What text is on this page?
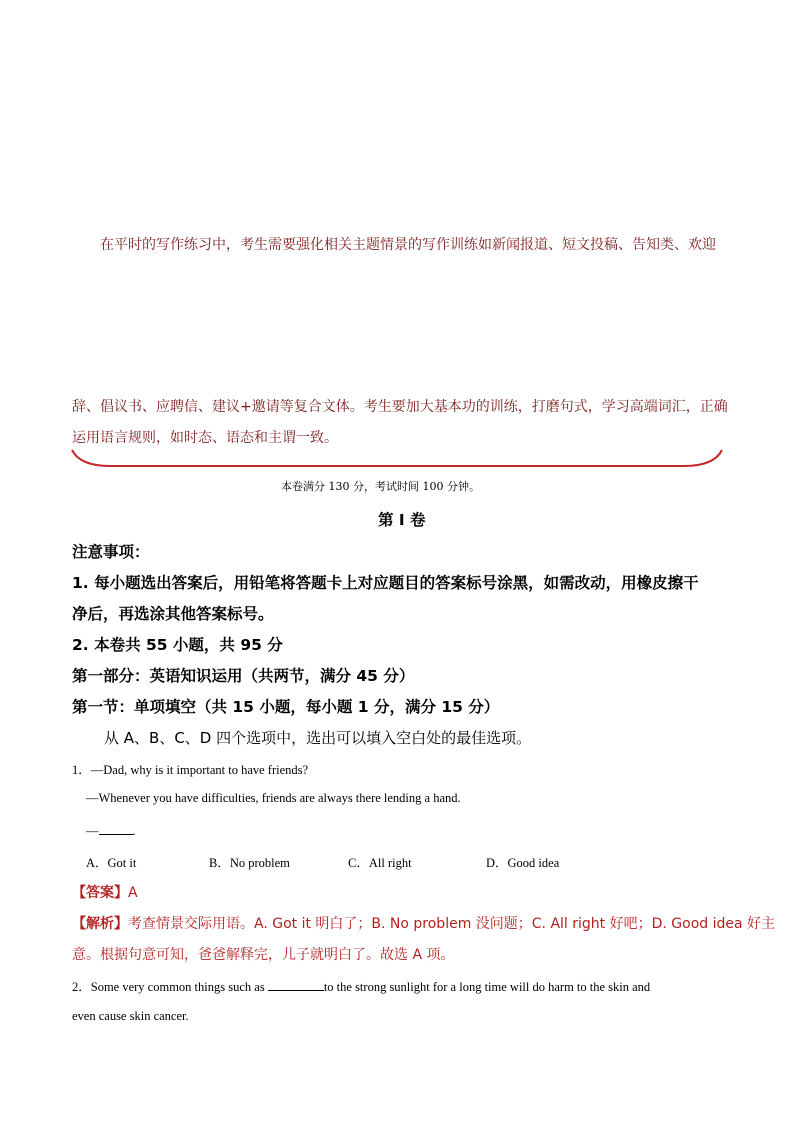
在平时的写作练习中，考生需要强化相关主题情景的写作训练如新闻报道、短文投稿、告知类、欢迎
辞、倡议书、应聘信、建议+邀请等复合文体。考生要加大基本功的训练，打磨句式，学习高端词汇，正确
运用语言规则，如时态、语态和主谓一致。
本卷满分 130 分，考试时间 100 分钟。
第 I 卷
注意事项：
1. 每小题选出答案后，用铅笔将答题卡上对应题目的答案标号涂黑，如需改动，用橡皮擦干
净后，再选涂其他答案标号。
2. 本卷共 55 小题，共 95 分
第一部分：英语知识运用（共两节，满分 45 分）
第一节：单项填空（共 15 小题，每小题 1 分，满分 15 分）
从 A、B、C、D 四个选项中，选出可以填入空白处的最佳选项。
1．—Dad, why is it important to have friends?
—Whenever you have difficulties, friends are always there lending a hand.
—	.
A．Got it	B．No problem	C．All right	D．Good idea
【答案】A
【解析】考查情景交际用语。A. Got it 明白了；B. No problem 没问题；C. All right 好吧；D. Good idea 好主
意。根据句意可知，爸爸解释完，儿子就明白了。故选 A 项。
2．Some very common things such as	to the strong sunlight for a long time will do harm to the skin and
even cause skin cancer.
